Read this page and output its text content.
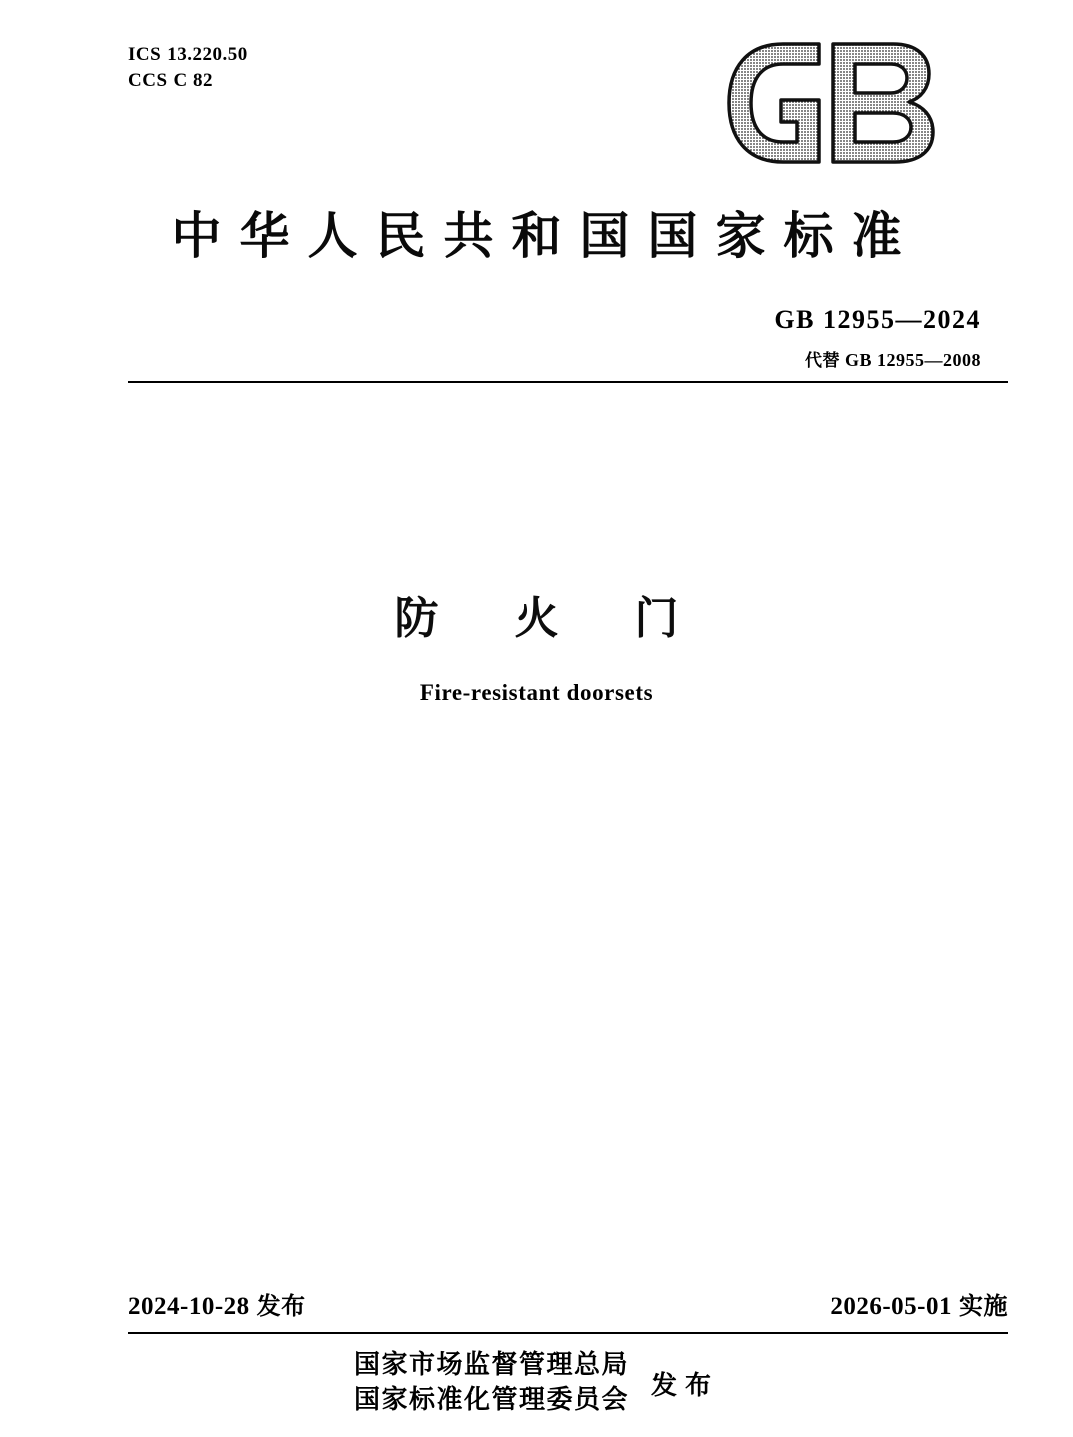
ICS 13.220.50
CCS C 82
中华人民共和国国家标准
GB 12955—2024
代替 GB 12955—2008
防火门
Fire-resistant doorsets
2024-10-28 发布	2026-05-01 实施
国家市场监督管理总局
国家标准化管理委员会 发布
